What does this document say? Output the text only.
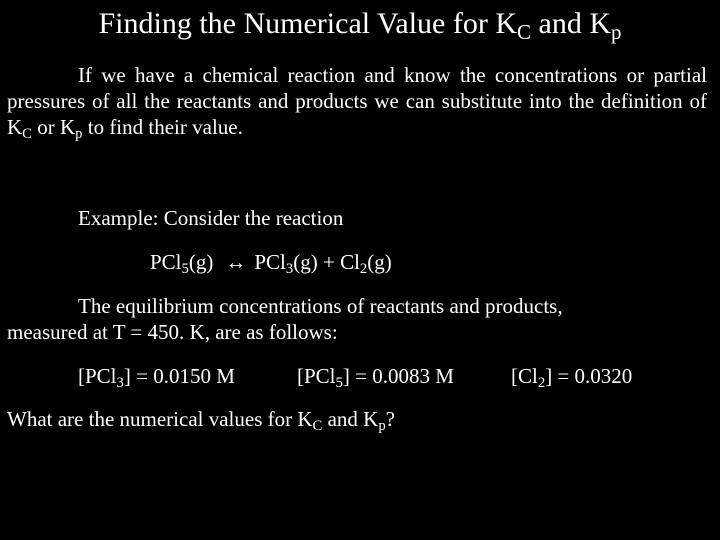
Finding the Numerical Value for $K_C$ and $K_p$
If we have a chemical reaction and know the concentrations or partial pressures of all the reactants and products we can substitute into the definition of $K_C$ or $K_p$ to find their value.
Example: Consider the reaction
PCl$_5$(g) ↔ $PCl_3(g) + Cl_2(g)$
The equilibrium concentrations of reactants and products, measured at T = 450. K, are as follows:
[PCl$_3$] = 0.0150 M	[PCl$_5$] = 0.0083 M	$[Cl_2] = 0.0320$
What are the numerical values for $K_C$ and $K_p$?
